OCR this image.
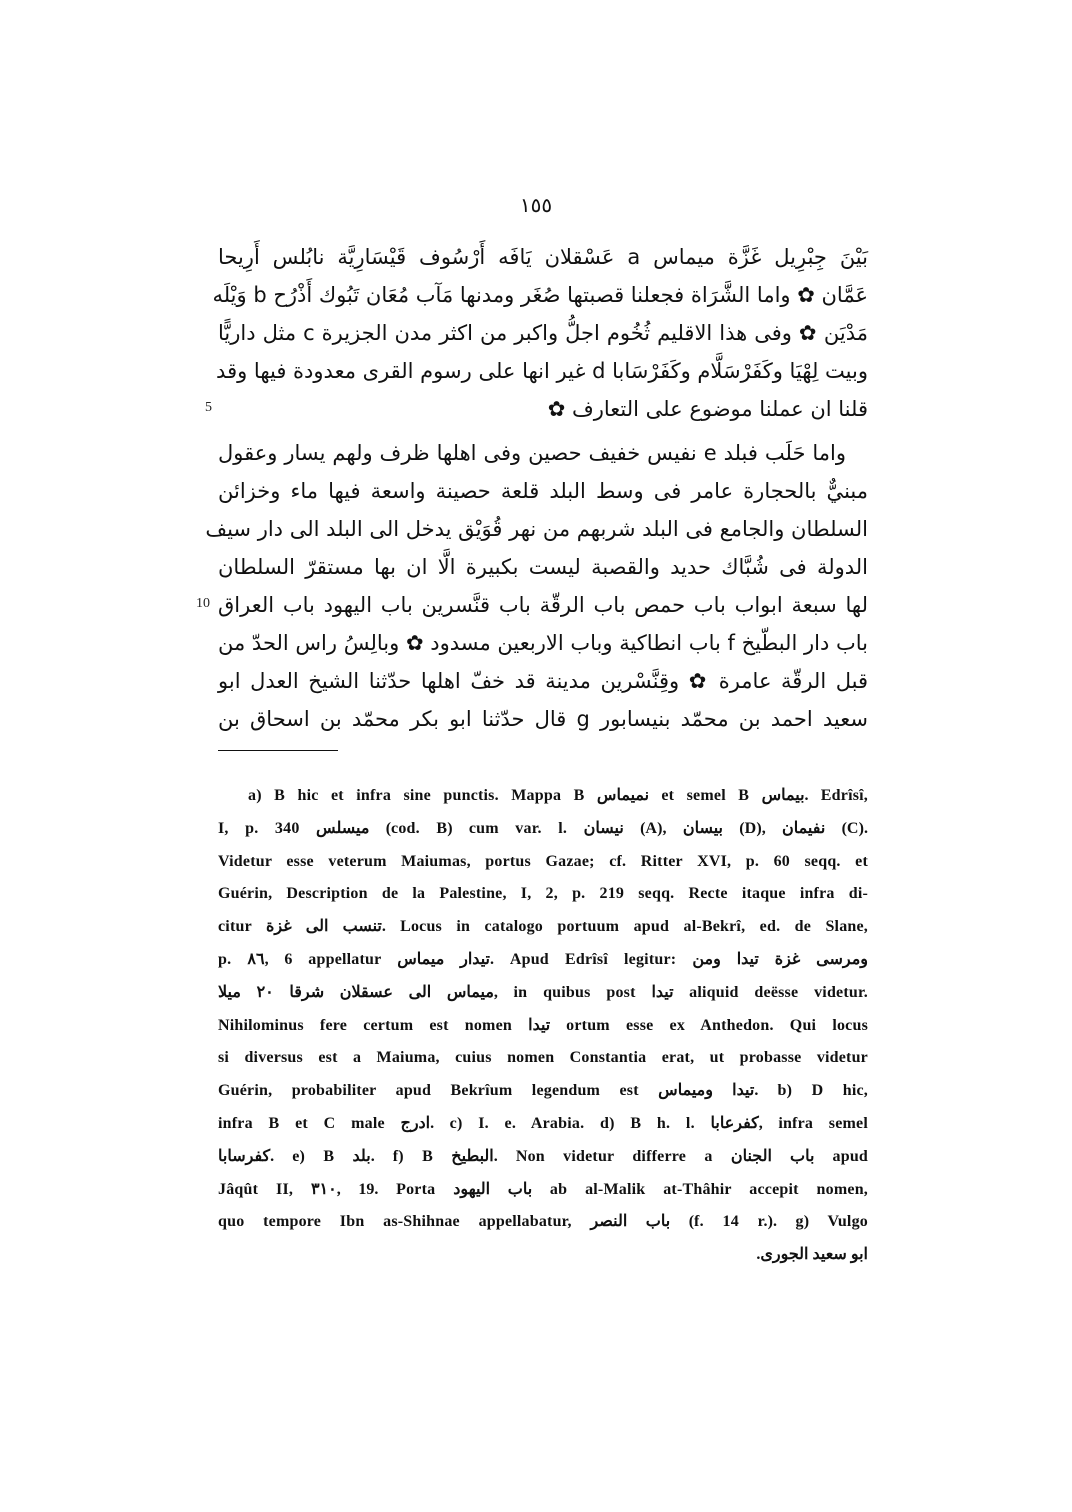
١٥٥
بَيْنَ جِبْرِيل غَزَّة ميماس a عَسْقلان يَافَه أَرْسُوف قَيْسَارِيَّة نابُلس أَرِيحا
عَمَّان ✿ واما الشَّرَاة فجعلنا قصبتها صُغَر ومدنها مَآب مُعَان تَبُوك أَذْرُح b وَيْلَه
مَدْيَن ✿ وفى هذا الاقليم ثُخُوم اجلُّ واكبر من اكثر مدن الجزيرة c مثل داريًّا
وبيت لِهْيَا وكَفَرْسَلَّام وكَفَرْسَابا d غير انها على رسوم القرى معدودة فيها وقد
قلنا ان عملنا موضوع على التعارف ✿
واما حَلَب فبلد e نفيس خفيف حصين وفى اهلها ظرف ولهم يسار وعقول
مبنيٌّ بالحجارة عامر فى وسط البلد قلعة حصينة واسعة فيها ماء وخزائن
السلطان والجامع فى البلد شربهم من نهر قُوَيْق يدخل الى البلد الى دار سيف
الدولة فى شُبَّاك حديد والقصبة ليست بكبيرة الَّا ان بها مستقرّ السلطان
لها سبعة ابواب باب حمص باب الرقّة باب قنَّسرين باب اليهود باب العراق
باب دار البطّيخ f باب انطاكية وباب الاربعين مسدود ✿ وبالِسُ راس الحدّ من
قبل الرقّة عامرة ✿ وقِنَّسْرين مدينة قد خفّ اهلها حدّثنا الشيخ العدل ابو
سعيد احمد بن محمّد بنيسابور g قال حدّثنا ابو بكر محمّد بن اسحاق بن
5
10
a) B hic et infra sine punctis. Mappa B نميماس et semel B بيماس. Edrîsî,
I, p. 340 ميسلس (cod. B) cum var. l. نيسان (A), بيسان (D), نفيمان (C).
Videtur esse veterum Maiumas, portus Gazae; cf. Ritter XVI, p. 60 seqq. et
Guérin, Description de la Palestine, I, 2, p. 219 seqq. Recte itaque infra di-
citur تنسب الى غزة. Locus in catalogo portuum apud al-Bekrî, ed. de Slane,
p. ٨٦, 6 appellatur تيدار ميماس. Apud Edrîsî legitur: ومرسى غزة تيدا ومن
ميماس الى عسقلان شرقا ٢٠ ميلا, in quibus post تيدا aliquid deësse videtur.
Nihilominus fere certum est nomen تيدا ortum esse ex Anthedon. Qui locus
si diversus est a Maiuma, cuius nomen Constantia erat, ut probasse videtur
Guérin, probabiliter apud Bekrîum legendum est تيدا وميماس. b) D hic,
infra B et C male ادرج. c) I. e. Arabia. d) B h. l. كفرعابا, infra semel
كفرسابا. e) B بلد. f) B البطيخ. Non videtur differre a باب الجنان apud
Jâqût II, ٣١٠, 19. Porta باب اليهود ab al-Malik at-Thâhir accepit nomen,
quo tempore Ibn as-Shihnae appellabatur, باب النصر (f. 14 r.). g) Vulgo
ابو سعيد الجورى.
